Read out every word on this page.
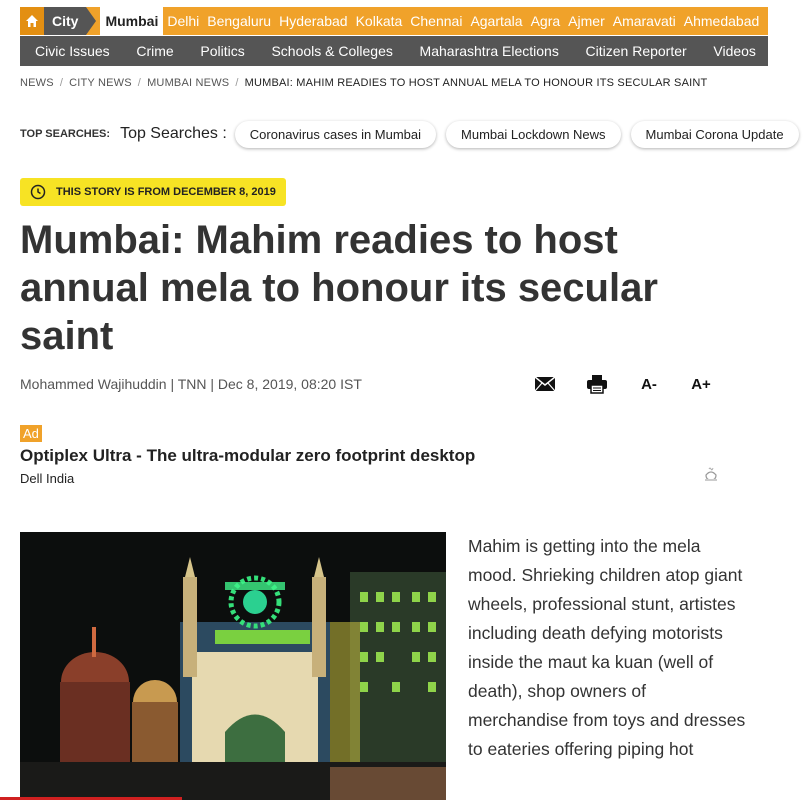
City	Mumbai Delhi Bengaluru Hyderabad Kolkata Chennai Agartala Agra Ajmer Amaravati Ahmedabad
Civic Issues Crime Politics Schools & Colleges Maharashtra Elections Citizen Reporter Videos
NEWS / CITY NEWS / MUMBAI NEWS / MUMBAI: MAHIM READIES TO HOST ANNUAL MELA TO HONOUR ITS SECULAR SAINT
TOP SEARCHES: Top Searches :	Coronavirus cases in Mumbai	Mumbai Lockdown News	Mumbai Corona Update
THIS STORY IS FROM DECEMBER 8, 2019
Mumbai: Mahim readies to host annual mela to honour its secular saint
Mohammed Wajihuddin | TNN | Dec 8, 2019, 08:20 IST	A-	A+
Ad
Optiplex Ultra - The ultra-modular zero footprint desktop
Dell India

Mahim is getting into the mela mood. Shrieking children atop giant wheels, professional stunt, artistes including death defying motorists inside the maut ka kuan (well of death), shop owners of merchandise from toys and dresses to eateries offering piping hot
